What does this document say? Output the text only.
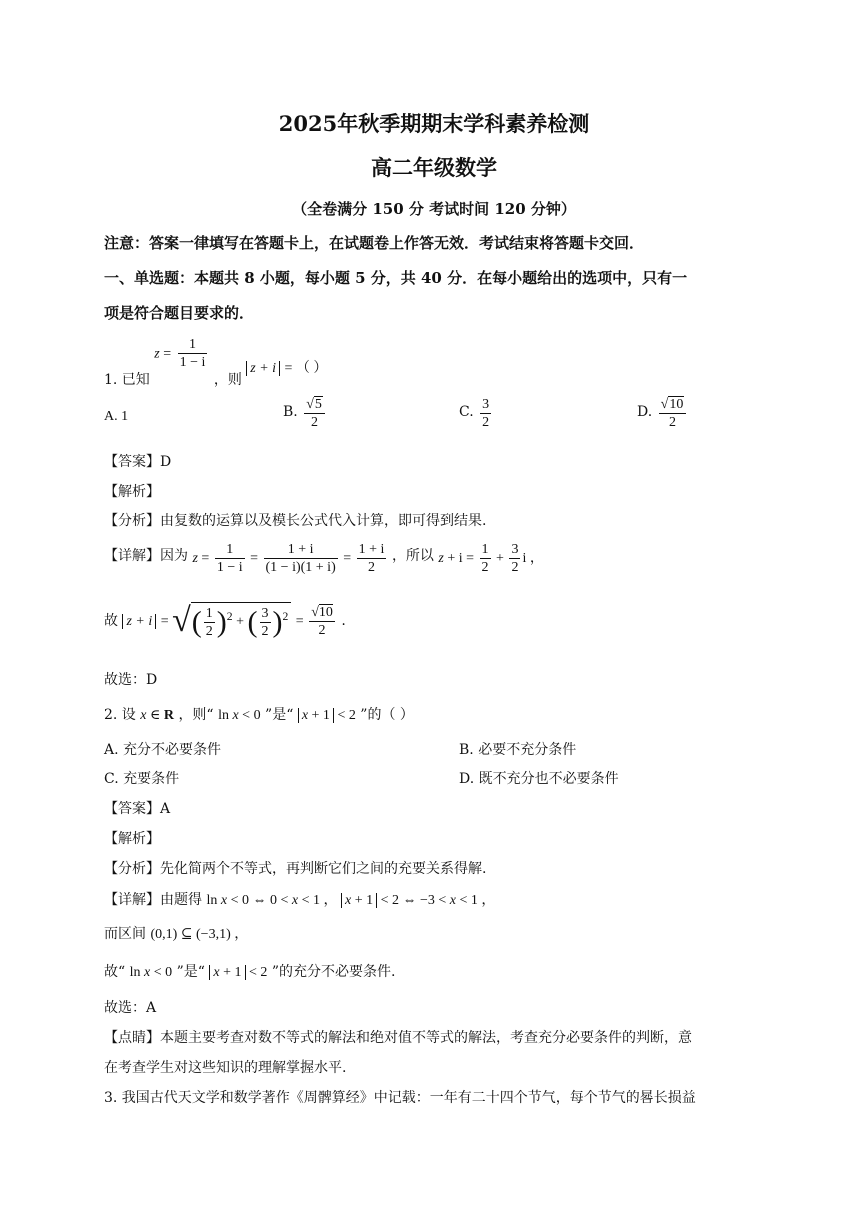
2025年秋季期期末学科素养检测
高二年级数学
（全卷满分 150 分 考试时间 120 分钟）
注意：答案一律填写在答题卡上，在试题卷上作答无效．考试结束将答题卡交回．
一、单选题：本题共 8 小题，每小题 5 分，共 40 分．在每小题给出的选项中，只有一
项是符合题目要求的．
1. 已知 $z = \frac{1}{1 - i}$
，则 z + i = （ ）
A. 1	B. $\frac{√5}{2}$	C. $\frac{3}{2}$	D. $\frac{√10}{2}$
【答案】D
【解析】
【分析】由复数的运算以及模长公式代入计算，即可得到结果.
【详解】因为 $z = \frac{1}{1 - i} = \frac{1 + i}{(1 - i)(1 + i)} = \frac{1 + i}{2}$ ，所以 $z + i = \frac{1}{2} + \frac{3}{2}$ i ，
故 z + i = √( $\frac{1}{2} )^2$ + ( $\frac{3}{2} )^2 = \frac{√10}{2}$ .
故选：D
2. 设 x ∈ R ，则“ ln x < 0 ”是“ x + 1 < 2 ”的（ ）
A. 充分不必要条件	B. 必要不充分条件
C. 充要条件	D. 既不充分也不必要条件
【答案】A
【解析】
【分析】先化简两个不等式，再判断它们之间的充要关系得解.
【详解】由题得 ln x < 0 ⇔ 0 < x < 1 ， x + 1 < 2 ⇔ −3 < x < 1 ，
而区间 (0,1) ⊆ (−3,1) ，
故“ ln x < 0 ”是“ x + 1 < 2 ”的充分不必要条件.
故选：A
【点睛】本题主要考查对数不等式的解法和绝对值不等式的解法，考查充分必要条件的判断，意
在考查学生对这些知识的理解掌握水平.
3. 我国古代天文学和数学著作《周髀算经》中记载：一年有二十四个节气，每个节气的晷长损益
